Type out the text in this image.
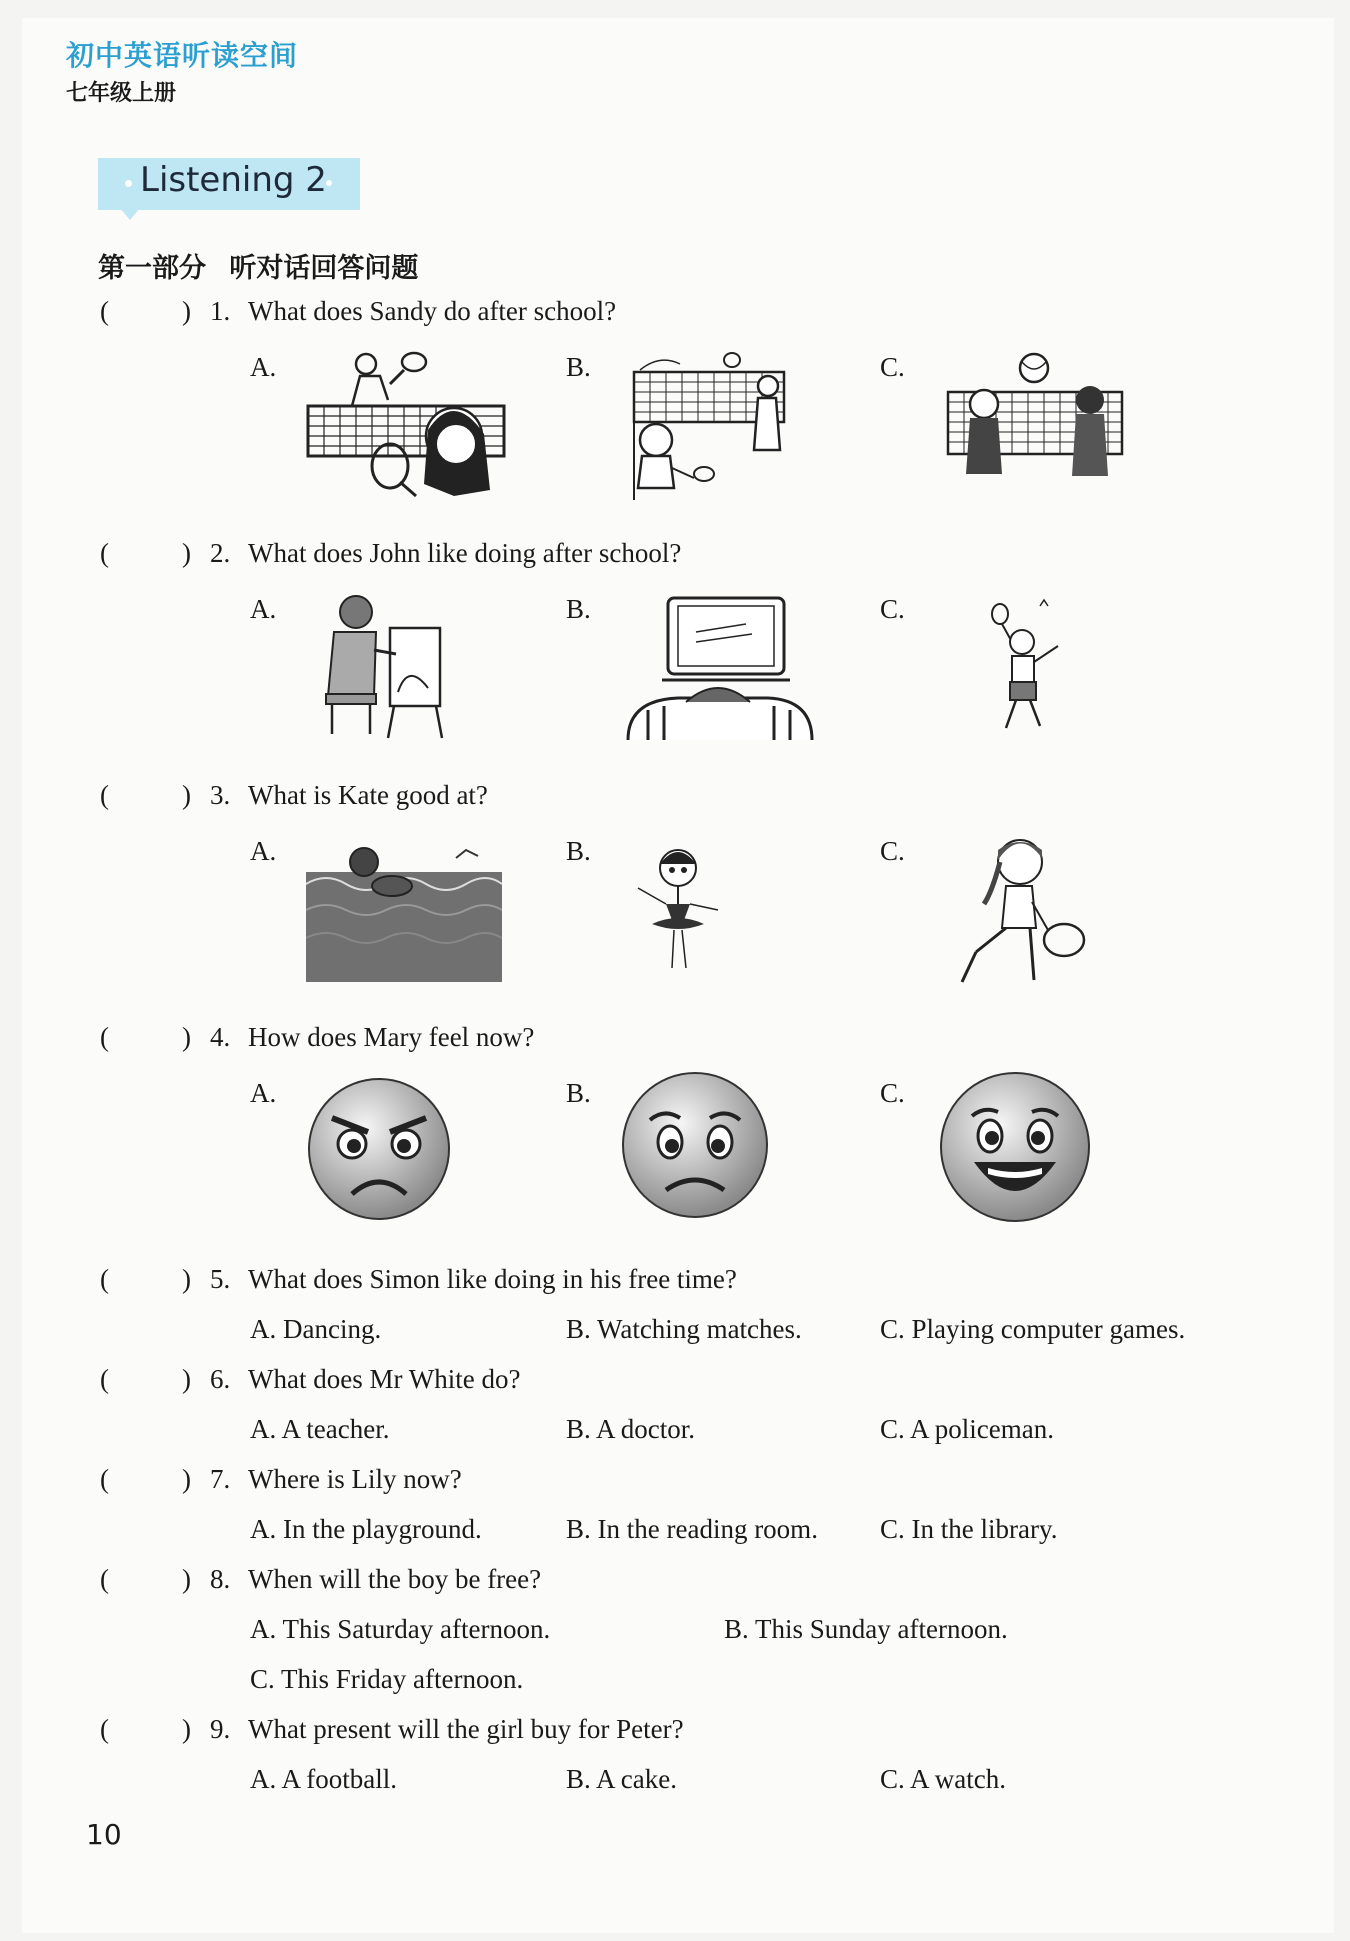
初中英语听读空间
七年级上册
Listening 2
第一部分 听对话回答问题
(	) 1. What does Sandy do after school?
A.	B.	C.
(	) 2. What does John like doing after school?
A.	B.	C.
(	) 3. What is Kate good at?
A.	B.	C.
(	) 4. How does Mary feel now?
A.	B.	C.
(	) 5. What does Simon like doing in his free time?
A. Dancing.	B. Watching matches.	C. Playing computer games.
(	) 6. What does Mr White do?
A. A teacher.	B. A doctor.	C. A policeman.
(	) 7. Where is Lily now?
A. In the playground.	B. In the reading room. C. In the library.
(	) 8. When will the boy be free?
A. This Saturday afternoon.	B. This Sunday afternoon.
C. This Friday afternoon.
(	) 9. What present will the girl buy for Peter?
A. A football.	B. A cake.	C. A watch.
10
